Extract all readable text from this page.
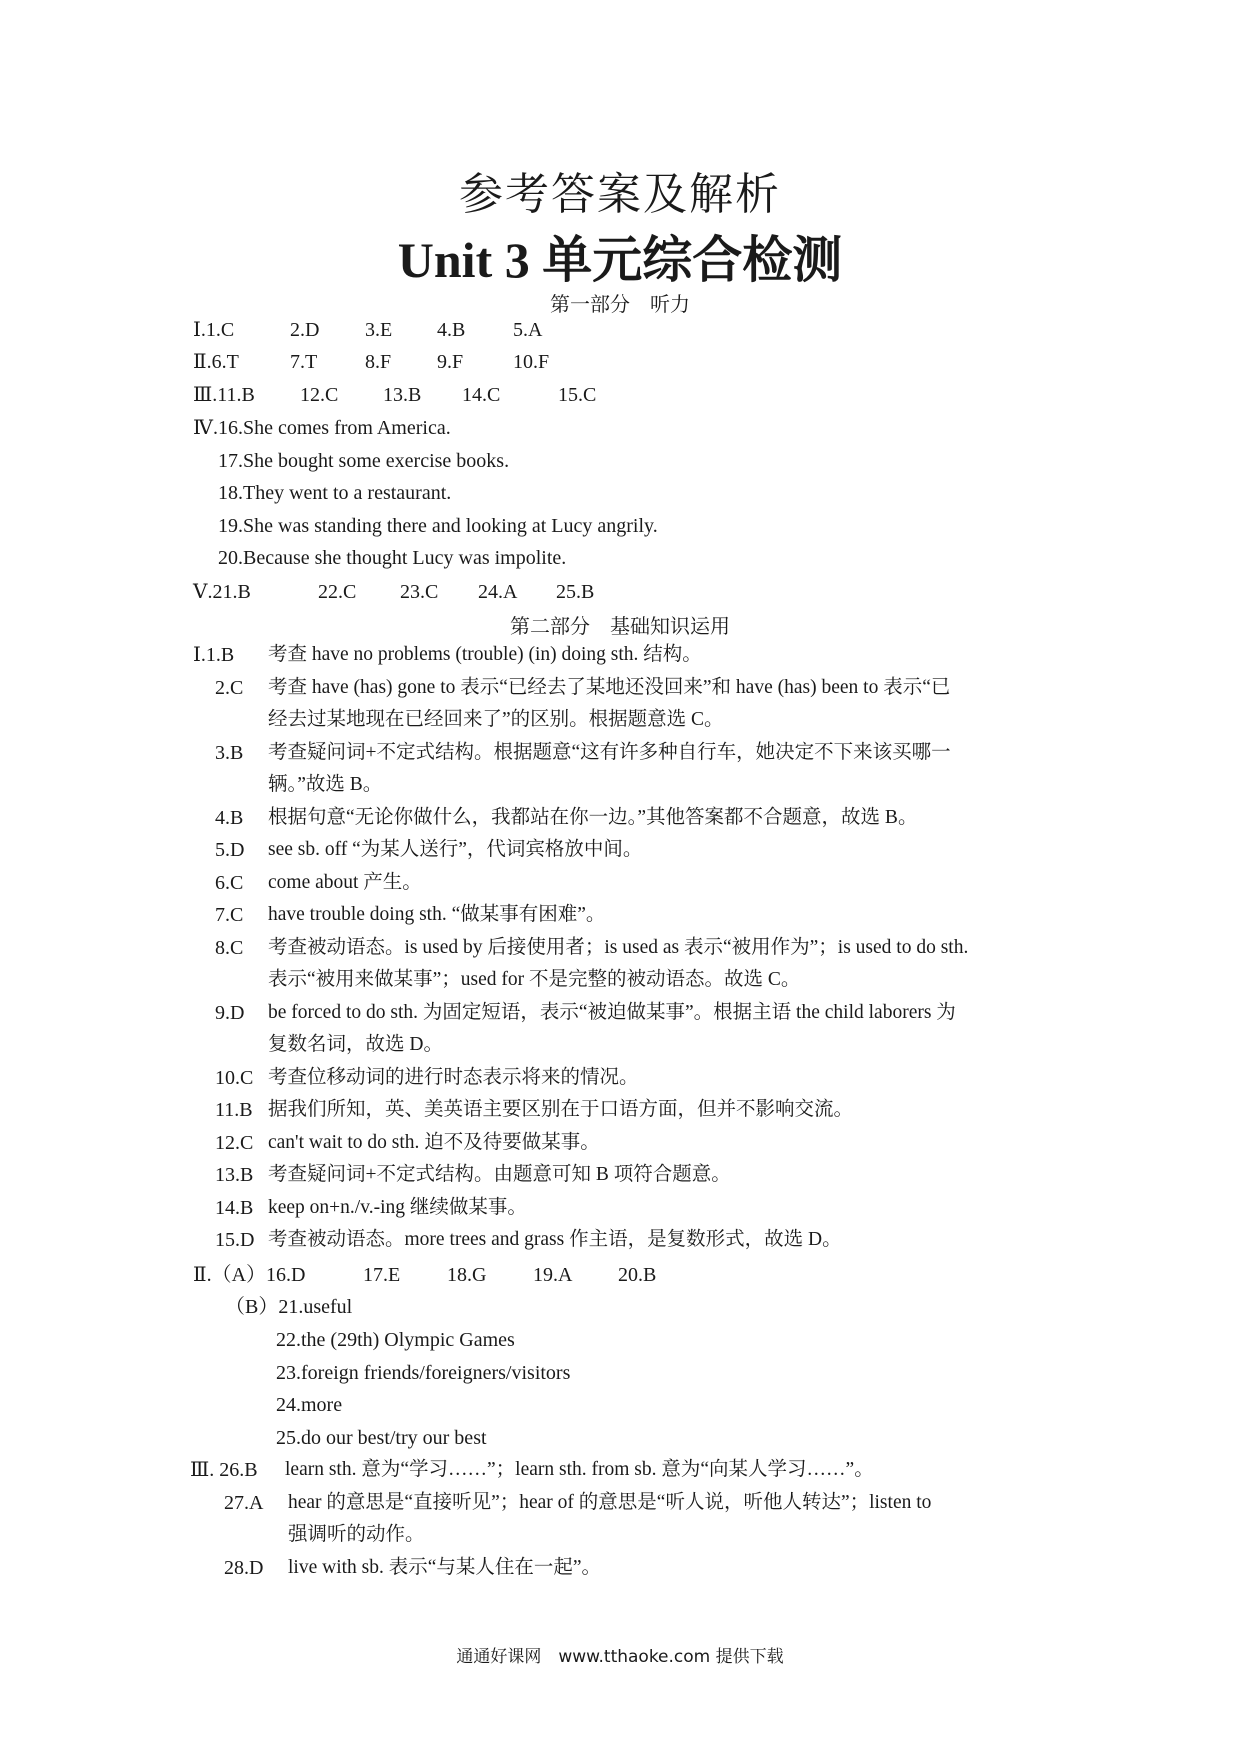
参考答案及解析
Unit 3 单元综合检测
第一部分　听力
Ⅰ.1.C	2.D 3.E 4.B 5.A
Ⅱ.6.T	7.T 8.F 9.F 10.F
Ⅲ.11.B 12.C 13.B 14.C	15.C
Ⅳ.16.She comes from America.
17.She bought some exercise books.
18.They went to a restaurant.
19.She was standing there and looking at Lucy angrily.
20.Because she thought Lucy was impolite.
Ⅴ.21.B	22.C 23.C 24.A 25.B
第二部分　基础知识运用
Ⅰ.1.B 考查 have no problems (trouble) (in) doing sth. 结构。
2.C 考查 have (has) gone to 表示“已经去了某地还没回来”和 have (has) been to 表示“已
经去过某地现在已经回来了”的区别。根据题意选 C。
3.B 考查疑问词+不定式结构。根据题意“这有许多种自行车，她决定不下来该买哪一
辆。”故选 B。
4.B 根据句意“无论你做什么，我都站在你一边。”其他答案都不合题意，故选 B。
5.D see sb. off “为某人送行”，代词宾格放中间。
6.C come about 产生。
7.C have trouble doing sth. “做某事有困难”。
8.C 考查被动语态。is used by 后接使用者；is used as 表示“被用作为”；is used to do sth.
表示“被用来做某事”；used for 不是完整的被动语态。故选 C。
9.D be forced to do sth. 为固定短语，表示“被迫做某事”。根据主语 the child laborers 为
复数名词，故选 D。
10.C 考查位移动词的进行时态表示将来的情况。
11.B 据我们所知，英、美英语主要区别在于口语方面，但并不影响交流。
12.C can't wait to do sth. 迫不及待要做某事。
13.B 考查疑问词+不定式结构。由题意可知 B 项符合题意。
14.B keep on+n./v.-ing 继续做某事。
15.D 考查被动语态。more trees and grass 作主语，是复数形式，故选 D。
Ⅱ.（A）16.D	17.E 18.G 19.A 20.B
（B）21.useful
22.the (29th) Olympic Games
23.foreign friends/foreigners/visitors
24.more
25.do our best/try our best
Ⅲ. 26.B learn sth. 意为“学习……”；learn sth. from sb. 意为“向某人学习……”。
27.A hear 的意思是“直接听见”；hear of 的意思是“听人说，听他人转达”；listen to
强调听的动作。
28.D live with sb. 表示“与某人住在一起”。
通通好课网　www.tthaoke.com 提供下载
